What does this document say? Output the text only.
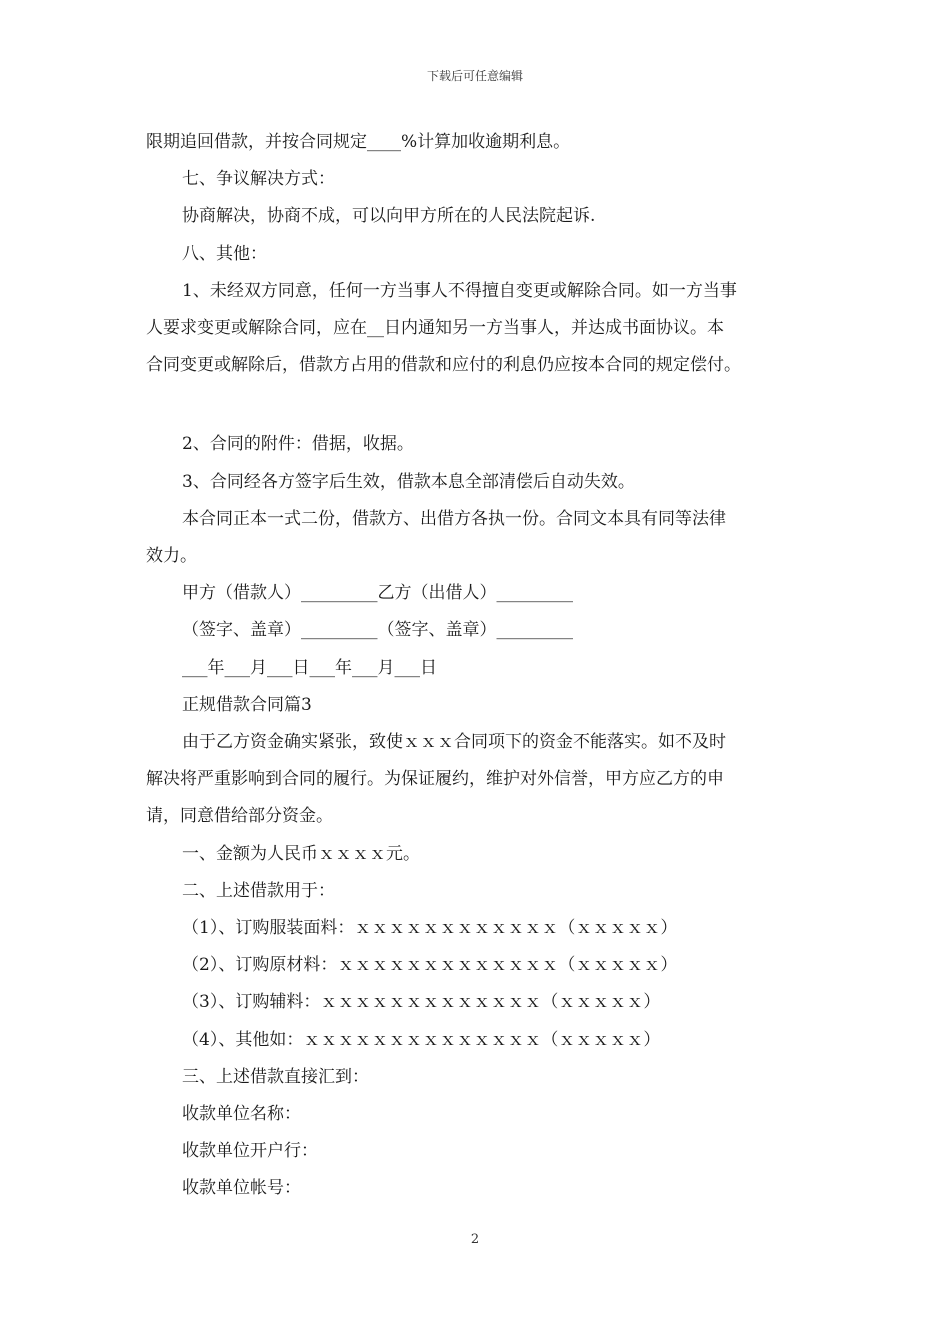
下载后可任意编辑

限期追回借款，并按合同规定____%计算加收逾期利息。

七、争议解决方式：

协商解决，协商不成，可以向甲方所在的人民法院起诉.

八、其他：

1、未经双方同意，任何一方当事人不得擅自变更或解除合同。如一方当事

人要求变更或解除合同，应在__日内通知另一方当事人，并达成书面协议。本

合同变更或解除后，借款方占用的借款和应付的利息仍应按本合同的规定偿付。

2、合同的附件：借据，收据。

3、合同经各方签字后生效，借款本息全部清偿后自动失效。

本合同正本一式二份，借款方、出借方各执一份。合同文本具有同等法律

效力。

甲方（借款人）_________乙方（出借人）_________

（签字、盖章）_________（签字、盖章）_________

___年___月___日___年___月___日

正规借款合同篇3

由于乙方资金确实紧张，致使ｘｘｘ合同项下的资金不能落实。如不及时

解决将严重影响到合同的履行。为保证履约，维护对外信誉，甲方应乙方的申

请，同意借给部分资金。

一、金额为人民币ｘｘｘｘ元。

二、上述借款用于：

（1）、订购服装面料：ｘｘｘｘｘｘｘｘｘｘｘｘ（ｘｘｘｘｘ）

（2）、订购原材料：ｘｘｘｘｘｘｘｘｘｘｘｘｘ（ｘｘｘｘｘ）

（3）、订购辅料：ｘｘｘｘｘｘｘｘｘｘｘｘｘ（ｘｘｘｘｘ）

（4）、其他如：ｘｘｘｘｘｘｘｘｘｘｘｘｘｘ（ｘｘｘｘｘ）

三、上述借款直接汇到：

收款单位名称：

收款单位开户行：

收款单位帐号：

2
